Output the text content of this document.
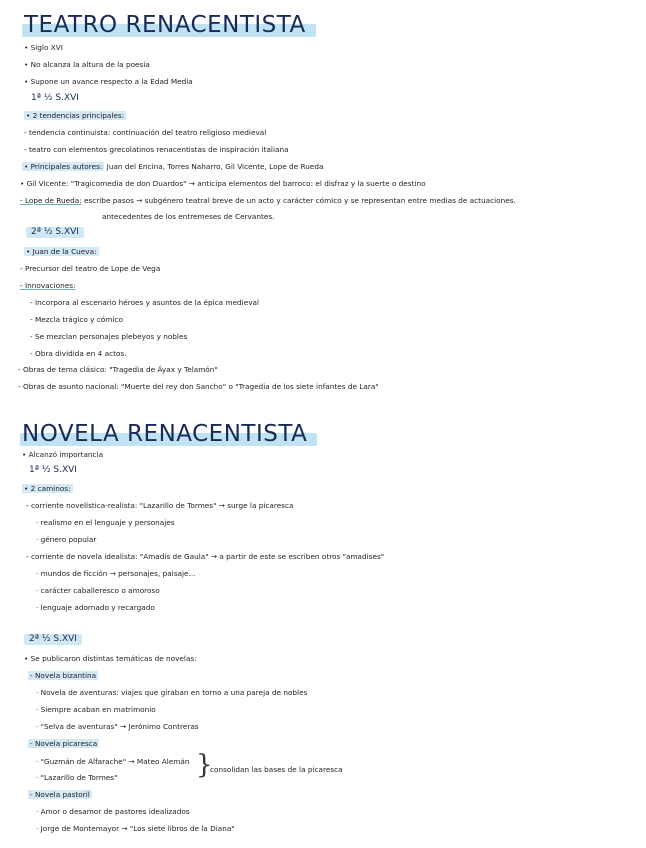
TEATRO RENACENTISTA
• Siglo XVI
• No alcanza la altura de la poesía
• Supone un avance respecto a la Edad Media
1ª ½ S.XVI
• 2 tendencias principales:
- tendencia continuista: continuación del teatro religioso medieval
- teatro con elementos grecolatinos renacentistas de inspiración italiana
• Principales autores: Juan del Encina, Torres Naharro, Gil Vicente, Lope de Rueda
• Gil Vicente: "Tragicomedia de don Duardos" → anticipa elementos del barroco: el disfraz y la suerte o destino
- Lope de Rueda: escribe pasos → subgénero teatral breve de un acto y carácter cómico y se representan entre medias de actuaciones.
antecedentes de los entremeses de Cervantes.
2ª ½ S.XVI
• Juan de la Cueva:
- Precursor del teatro de Lope de Vega
- Innovaciones:
- Incorpora al escenario héroes y asuntos de la épica medieval
- Mezcla trágico y cómico
- Se mezclan personajes plebeyos y nobles
- Obra dividida en 4 actos.
- Obras de tema clásico: "Tragedia de Áyax y Telamón"
- Obras de asunto nacional: "Muerte del rey don Sancho" o "Tragedia de los siete infantes de Lara"
NOVELA RENACENTISTA
• Alcanzó importancia
1ª ½ S.XVI
• 2 caminos:
- corriente novelística-realista: "Lazarillo de Tormes" → surge la picaresca
· realismo en el lenguaje y personajes
· género popular
- corriente de novela idealista: "Amadís de Gaula" → a partir de este se escriben otros "amadises"
· mundos de ficción → personajes, paisaje...
· carácter caballeresco o amoroso
· lenguaje adornado y recargado
2ª ½ S.XVI
• Se publicaron distintas temáticas de novelas:
- Novela bizantina
· Novela de aventuras: viajes que giraban en torno a una pareja de nobles
· Siempre acaban en matrimonio
· "Selva de aventuras" → Jerónimo Contreras
- Novela picaresca
· "Guzmán de Alfarache" → Mateo Alemán
· "Lazarillo de Tormes"	}
consolidan las bases de la picaresca
- Novela pastoril
· Amor o desamor de pastores idealizados
· Jorge de Montemayor → "Los siete libros de la Diana"
